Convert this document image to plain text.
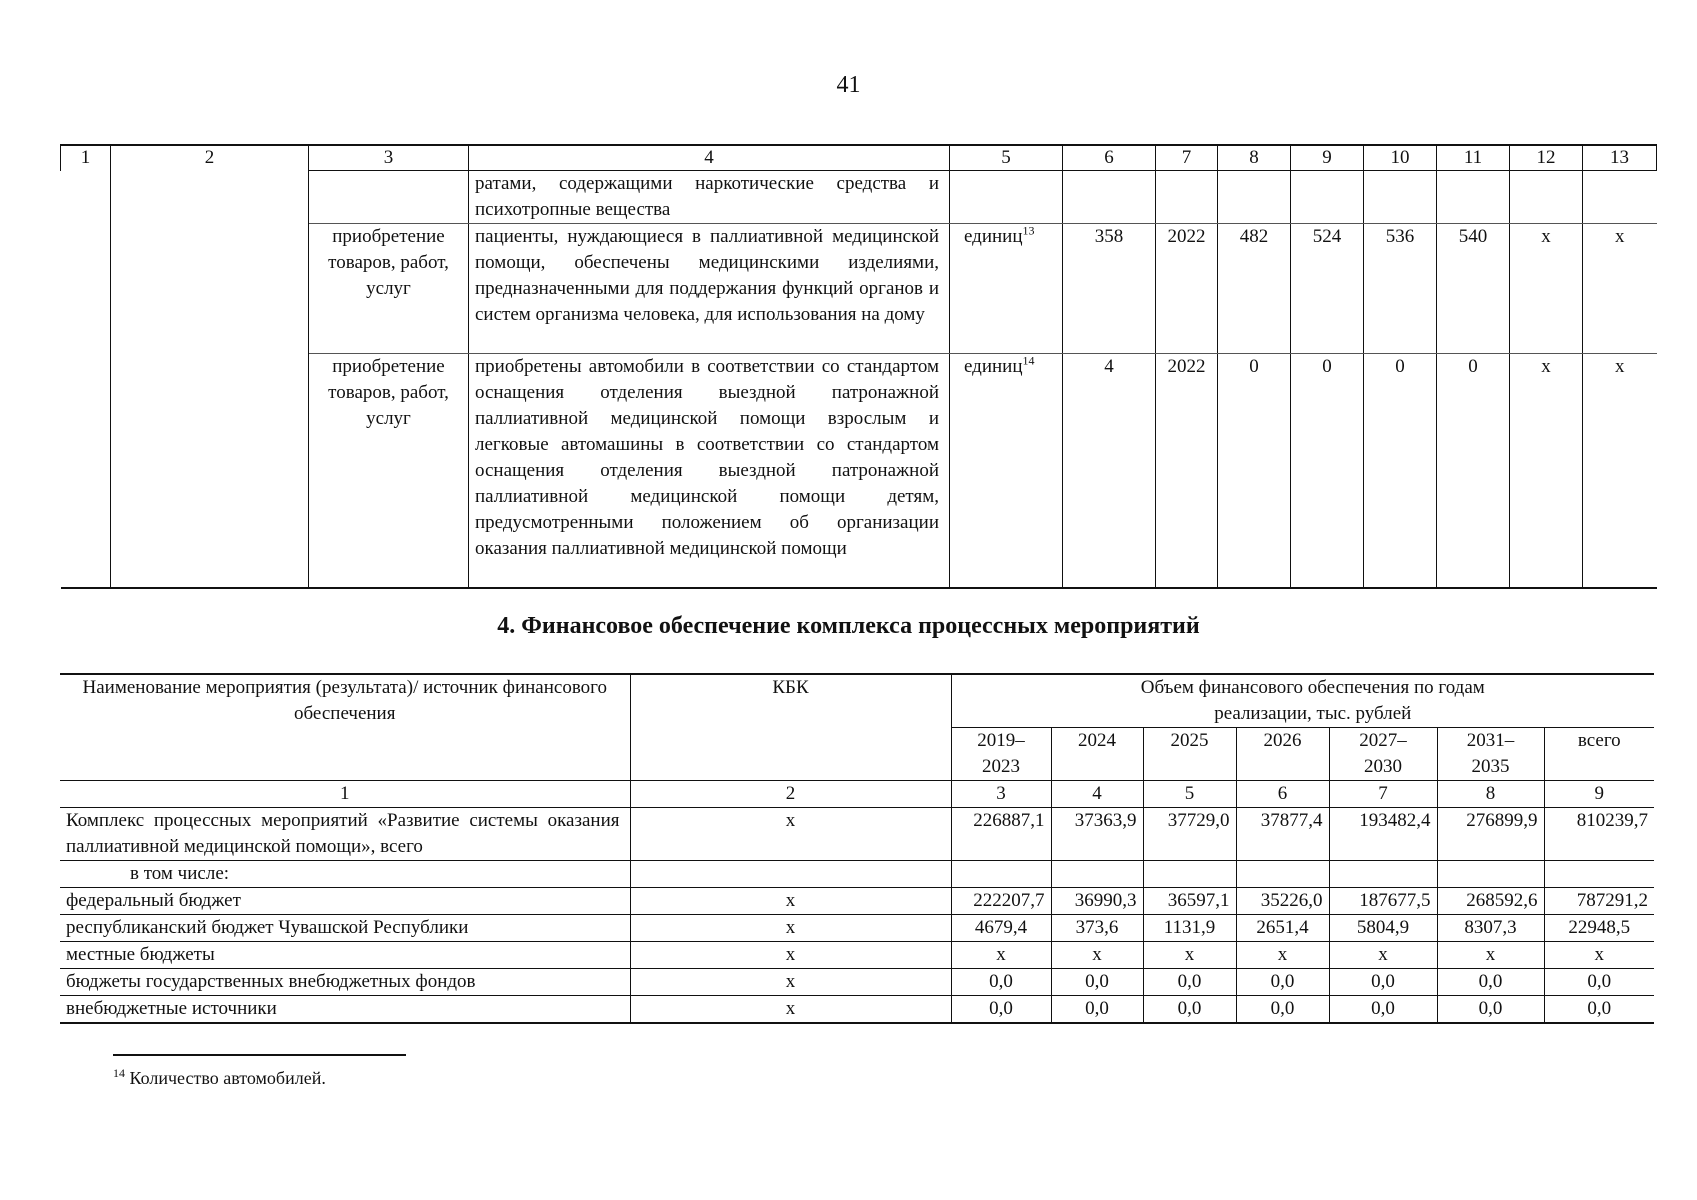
41
1	2	3	4	5	6	7	8	9	10	11	12	13
			ратами, содержащими наркотические средства и психотропные вещества									
		приобретение товаров, работ, услуг	пациенты, нуждающиеся в паллиативной медицинской помощи, обеспечены медицинскими изделиями, предназначенными для поддержания функций органов и систем организма человека, для использования на дому	единиц$^{13}$	358	2022	482	524	536	540	х	х
		приобретение товаров, работ, услуг	приобретены автомобили в соответствии со стандартом оснащения отделения выездной патронажной паллиативной медицинской помощи взрослым и легковые автомашины в соответствии со стандартом оснащения отделения выездной патронажной паллиативной медицинской помощи детям, предусмотренными положением об организации оказания паллиативной медицинской помощи	единиц$^{14}$	4	2022	0	0	0	0	х	х
4. Финансовое обеспечение комплекса процессных мероприятий
Наименование мероприятия (результата)/ источник финансового обеспечения	КБК	Объем финансового обеспечения по годам реализации, тыс. рублей						
		2019–2023	2024	2025	2026	2027–2030	2031–2035	всего
1	2	3	4	5	6	7	8	9
Комплекс процессных мероприятий «Развитие системы оказания паллиативной медицинской помощи», всего	х	226887,1	37363,9	37729,0	37877,4	193482,4	276899,9	810239,7
в том числе:								
федеральный бюджет	х	222207,7	36990,3	36597,1	35226,0	187677,5	268592,6	787291,2
республиканский бюджет Чувашской Республики	х	4679,4	373,6	1131,9	2651,4	5804,9	8307,3	22948,5
местные бюджеты	х	х	х	х	х	х	х	х
бюджеты государственных внебюджетных фондов	х	0,0	0,0	0,0	0,0	0,0	0,0	0,0
внебюджетные источники	х	0,0	0,0	0,0	0,0	0,0	0,0	0,0
$^{14}$ Количество автомобилей.
